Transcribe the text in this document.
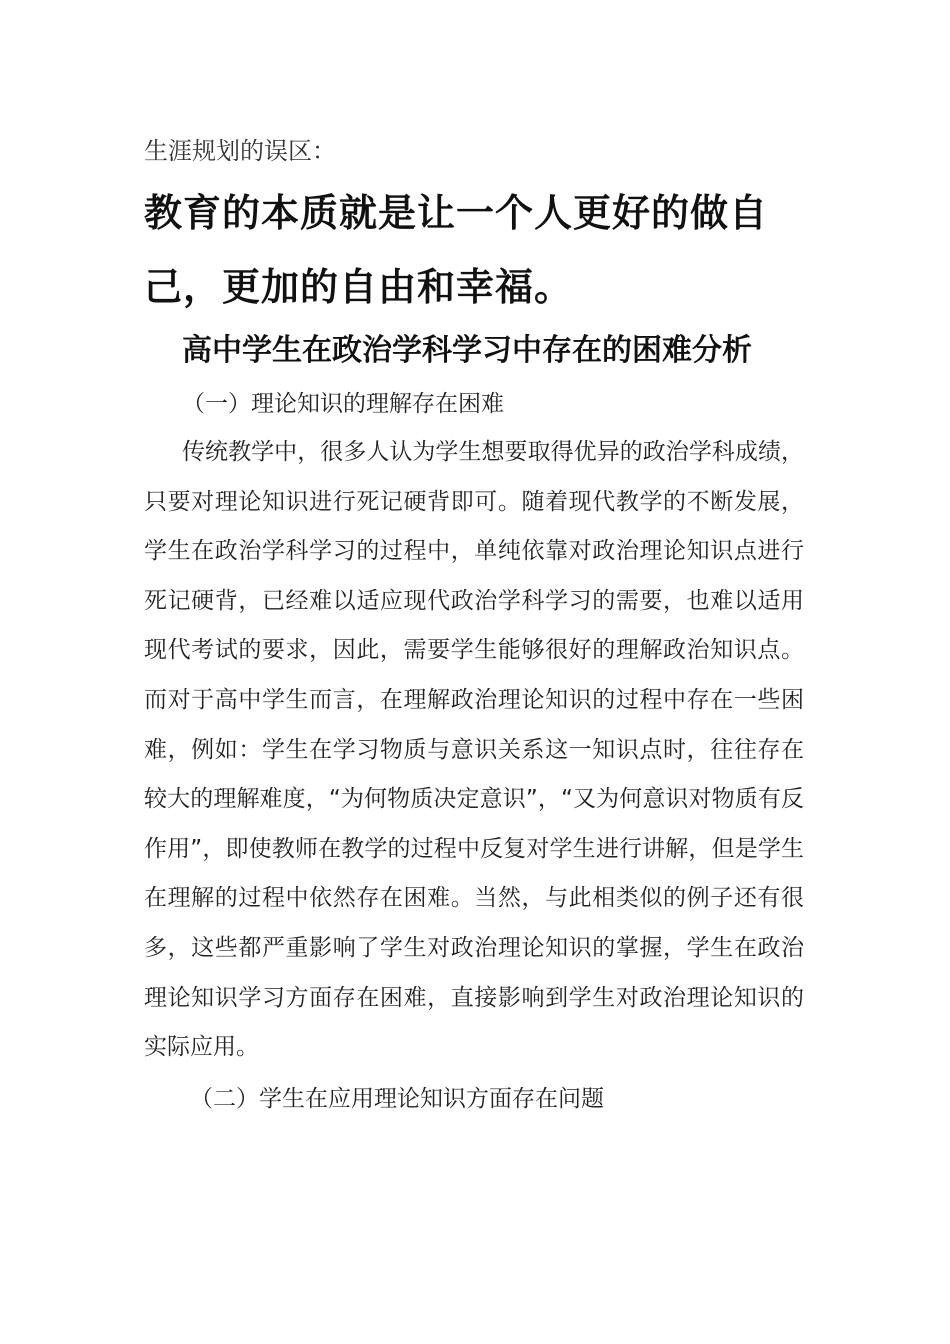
生涯规划的误区：

教育的本质就是让一个人更好的做自己，更加的自由和幸福。
高中学生在政治学科学习中存在的困难分析

（一）理论知识的理解存在困难

传统教学中，很多人认为学生想要取得优异的政治学科成绩，只要对理论知识进行死记硬背即可。随着现代教学的不断发展，学生在政治学科学习的过程中，单纯依靠对政治理论知识点进行死记硬背，已经难以适应现代政治学科学习的需要，也难以适用现代考试的要求，因此，需要学生能够很好的理解政治知识点。而对于高中学生而言，在理解政治理论知识的过程中存在一些困难，例如：学生在学习物质与意识关系这一知识点时，往往存在较大的理解难度，“为何物质决定意识”，“又为何意识对物质有反作用”，即使教师在教学的过程中反复对学生进行讲解，但是学生在理解的过程中依然存在困难。当然，与此相类似的例子还有很多，这些都严重影响了学生对政治理论知识的掌握，学生在政治理论知识学习方面存在困难，直接影响到学生对政治理论知识的实际应用。

（二）学生在应用理论知识方面存在问题
